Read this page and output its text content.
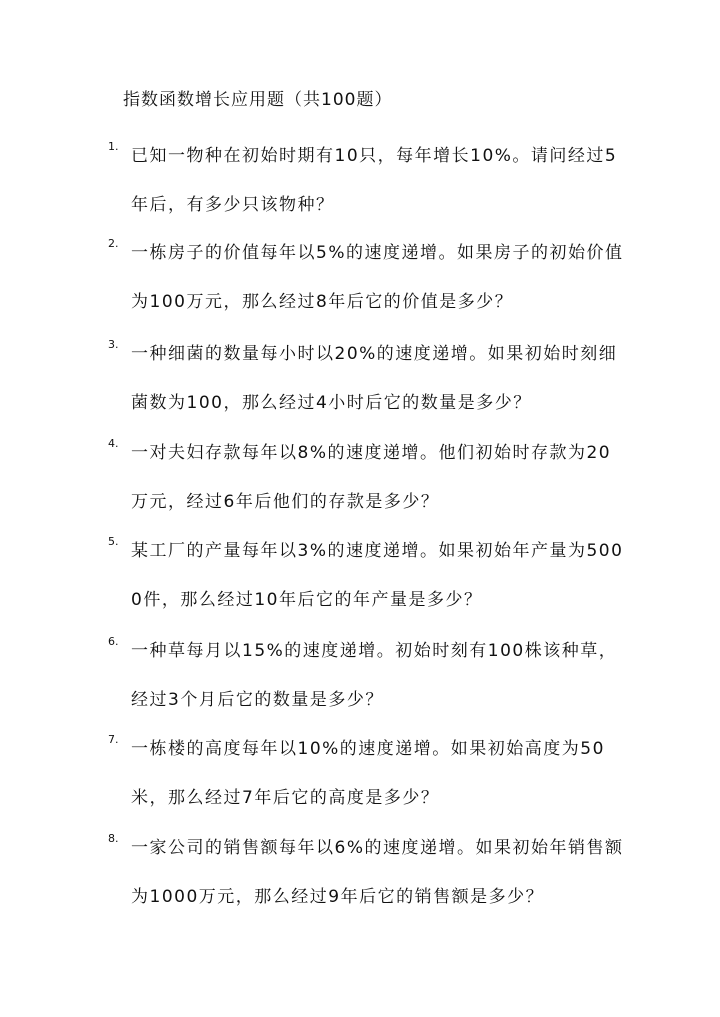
指数函数增长应用题（共100题）
1. 已知一物种在初始时期有10只，每年增长10%。请问经过5年后，有多少只该物种？
2. 一栋房子的价值每年以5%的速度递增。如果房子的初始价值为100万元，那么经过8年后它的价值是多少？
3. 一种细菌的数量每小时以20%的速度递增。如果初始时刻细菌数为100，那么经过4小时后它的数量是多少？
4. 一对夫妇存款每年以8%的速度递增。他们初始时存款为20万元，经过6年后他们的存款是多少？
5. 某工厂的产量每年以3%的速度递增。如果初始年产量为5000件，那么经过10年后它的年产量是多少？
6. 一种草每月以15%的速度递增。初始时刻有100株该种草，经过3个月后它的数量是多少？
7. 一栋楼的高度每年以10%的速度递增。如果初始高度为50米，那么经过7年后它的高度是多少？
8. 一家公司的销售额每年以6%的速度递增。如果初始年销售额为1000万元，那么经过9年后它的销售额是多少？
